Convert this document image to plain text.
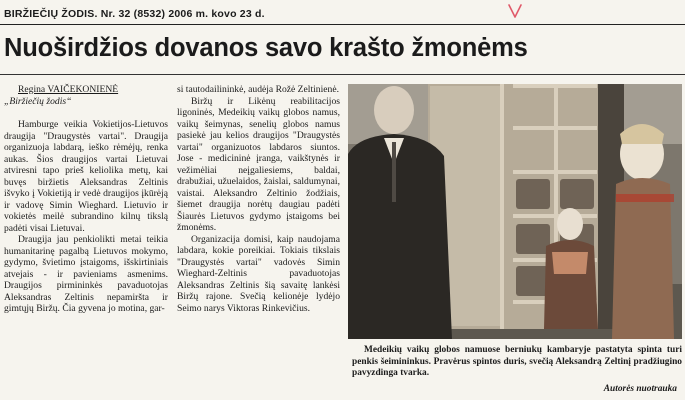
BIRŽIEČIŲ ŽODIS. Nr. 32 (8532) 2006 m. kovo 23 d.
Nuoširdžios dovanos savo krašto žmonėms

Regina VAIČEKONIENĖ

„Biržiečių žodis“

Hamburge veikia Vokietijos-Lietuvos draugija "Draugystės vartai". Draugija organizuoja labdarą, ieško rėmėjų, renka aukas. Šios draugijos vartai Lietuvai atviresni tapo prieš keliolika metų, kai buvęs biržietis Aleksandras Zeltinis išvyko į Vokietiją ir vedė draugijos įkūrėją ir vadovę Simin Wieghard. Lietuvio ir vokietės meilė subrandino kilnų tikslą padėti visai Lietuvai.

Draugija jau penkiolikti metai teikia humanitarinę pagalbą Lietuvos mokymo, gydymo, švietimo įstaigoms, išskirtiniais atvejais - ir pavieniams asmenims. Draugijos pirmininkės pavaduotojas Aleksandras Zeltinis nepamiršta ir gimtųjų Biržų. Čia gyvena jo motina, gar-

si tautodailininkė, audėja Rožė Zeltinienė.

Biržų ir Likėnų reabilitacijos ligoninės, Medeikių vaikų globos namus, vaikų šeimynas, senelių globos namus pasiekė jau kelios draugijos "Draugystės vartai" organizuotos labdaros siuntos. Jose - medicininė įranga, vaikštynės ir vežimėliai neįgaliesiems, baldai, drabužiai, užuelaidos, žaislai, saldumynai, vaistai. Aleksandro Zeltinio žodžiais, šiemet draugija norėtų daugiau padėti Šiaurės Lietuvos gydymo įstaigoms bei žmonėms.

Organizacija domisi, kaip naudojama labdara, kokie poreikiai. Tokiais tikslais "Draugystės vartai" vadovės Simin Wieghard-Zeltinis pavaduotojas Aleksandras Zeltinis šią savaitę lankėsi Biržų rajone. Svečią kelionėje lydėjo Seimo narys Viktoras Rinkevičius.

Medeikių vaikų globos namuose berniukų kambaryje pastatyta spinta turi penkis šeimininkus. Pravėrus spintos duris, svečią Aleksandrą Zeltinį pradžiugino pavyzdinga tvarka.

Autorės nuotrauka
